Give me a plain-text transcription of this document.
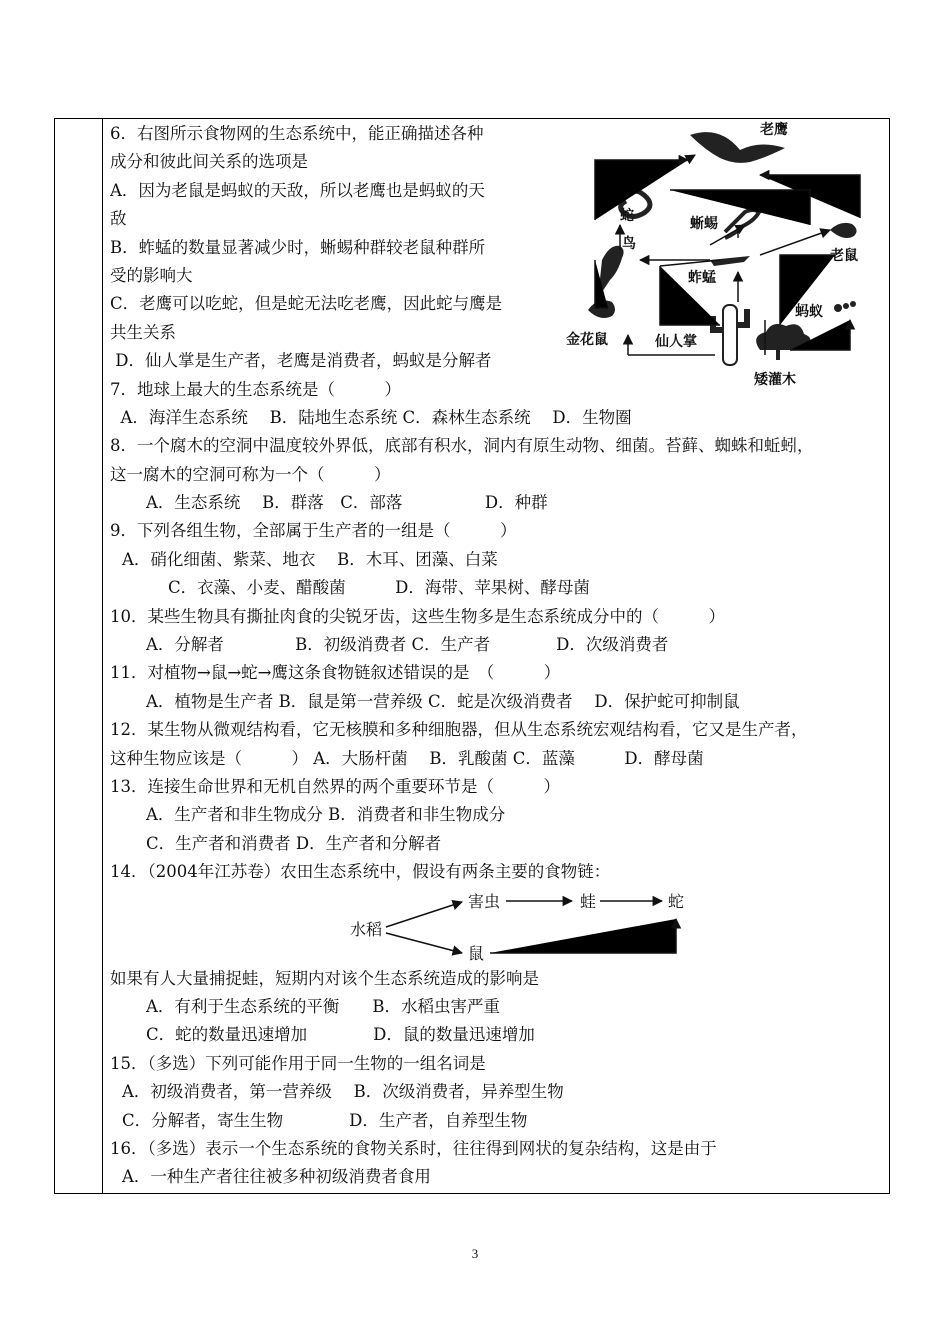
老鹰
蛇	蜥蜴
鸟
老鼠
蚱蜢
蚂蚁
金花鼠	仙人掌
矮灌木
6．右图所示食物网的生态系统中，能正确描述各种
成分和彼此间关系的选项是
A．因为老鼠是蚂蚁的天敌，所以老鹰也是蚂蚁的天
敌
B．蚱蜢的数量显著减少时，蜥蜴种群较老鼠种群所
受的影响大
C．老鹰可以吃蛇，但是蛇无法吃老鹰，因此蛇与鹰是
共生关系
D．仙人掌是生产者，老鹰是消费者，蚂蚁是分解者
7．地球上最大的生态系统是（　　　）
A．海洋生态系统　 B．陆地生态系统 C．森林生态系统　 D．生物圈
8．一个腐木的空洞中温度较外界低，底部有积水，洞内有原生动物、细菌。苔藓、蜘蛛和蚯蚓，
这一腐木的空洞可称为一个（　　　）
A．生态系统　 B．群落　C．部落　　　　　D．种群
9．下列各组生物，全部属于生产者的一组是（　　　）
A．硝化细菌、紫菜、地衣　 B．木耳、团藻、白菜
C．衣藻、小麦、醋酸菌　　　D．海带、苹果树、酵母菌
10．某些生物具有撕扯肉食的尖锐牙齿，这些生物多是生态系统成分中的（　　　）
A．分解者　　　　 B．初级消费者 C．生产者　　　　D．次级消费者
11．对植物→鼠→蛇→鹰这条食物链叙述错误的是　（　　　）
A．植物是生产者 B．鼠是第一营养级 C．蛇是次级消费者　 D．保护蛇可抑制鼠
12．某生物从微观结构看，它无核膜和多种细胞器，但从生态系统宏观结构看，它又是生产者，
这种生物应该是（　　　） A．大肠杆菌　 B．乳酸菌 C．蓝藻　　　D．酵母菌
13．连接生命世界和无机自然界的两个重要环节是（　　　）
A．生产者和非生物成分 B．消费者和非生物成分
C．生产者和消费者 D．生产者和分解者
14．（2004年江苏卷）农田生态系统中，假设有两条主要的食物链：
水稻
害虫	蛙	蛇
鼠
如果有人大量捕捉蛙，短期内对该个生态系统造成的影响是
A．有利于生态系统的平衡　　B．水稻虫害严重
C．蛇的数量迅速增加　　　　D．鼠的数量迅速增加
15．（多选）下列可能作用于同一生物的一组名词是
A．初级消费者，第一营养级　 B．次级消费者，异养型生物
C．分解者，寄生生物　　　　D．生产者，自养型生物
16．（多选）表示一个生态系统的食物关系时，往往得到网状的复杂结构，这是由于
A．一种生产者往往被多种初级消费者食用
3
